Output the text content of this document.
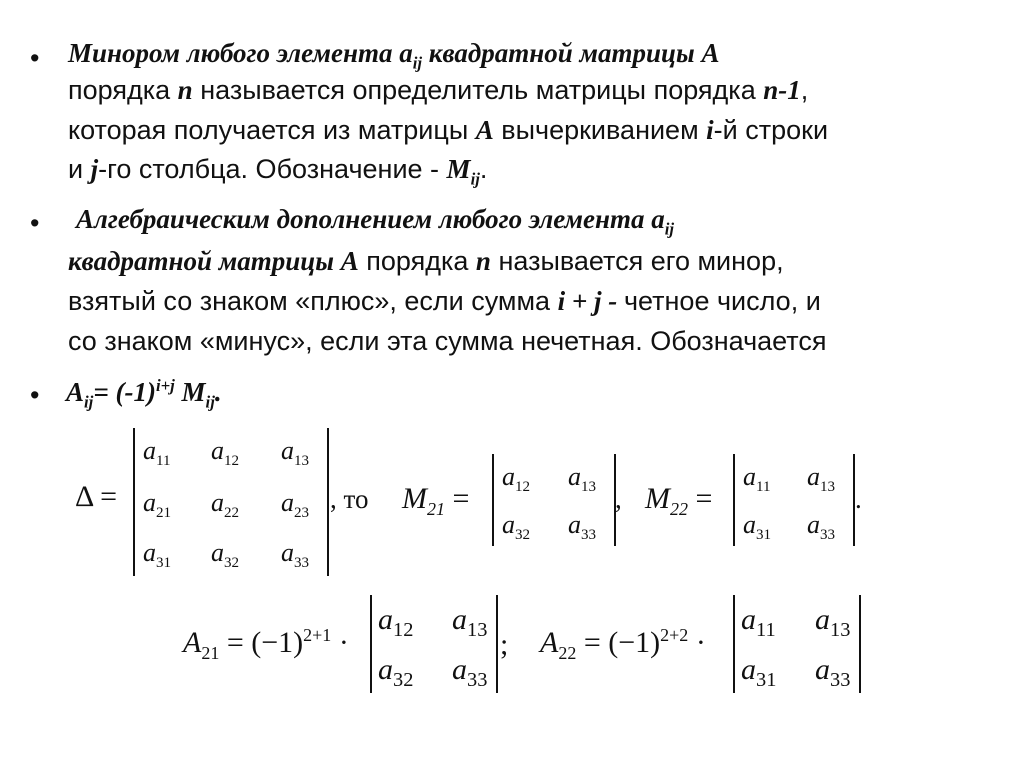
• Минором любого элемента $a_{ij}$ квадратной матрицы A
порядка n называется определитель матрицы порядка n-1,
которая получается из матрицы A вычеркиванием i-й строки
и j-го столбца. Обозначение - $M_{ij}$.
• Алгебраическим дополнением любого элемента $a_{ij}$
квадратной матрицы A порядка n называется его минор,
взятый со знаком «плюс», если сумма i + j - четное число, и
со знаком «минус», если эта сумма нечетная. Обозначается
• $A_{ij}= (-1)^{i+j}$ $M_{ij}$.
Δ =
$a_{11}$ $a_{12}$ $a_{13}$
$a_{21}$ $a_{22}$ $a_{23}$
$a_{31}$ $a_{32}$ $a_{33}$
, то $M_{21}$ =
$a_{12}$ $a_{13}$
$a_{32}$ $a_{33}$
, $M_{22}$ =
$a_{11}$ $a_{13}$
$a_{31}$ $a_{33}$
.
$A_{21} = (-1)^{2+1}$ ·
$a_{12}$ $a_{13}$
$a_{32}$ $a_{33}$
; $A_{22} = (-1)^{2+2}$ ·
$a_{11}$ $a_{13}$
$a_{31}$ $a_{33}$
